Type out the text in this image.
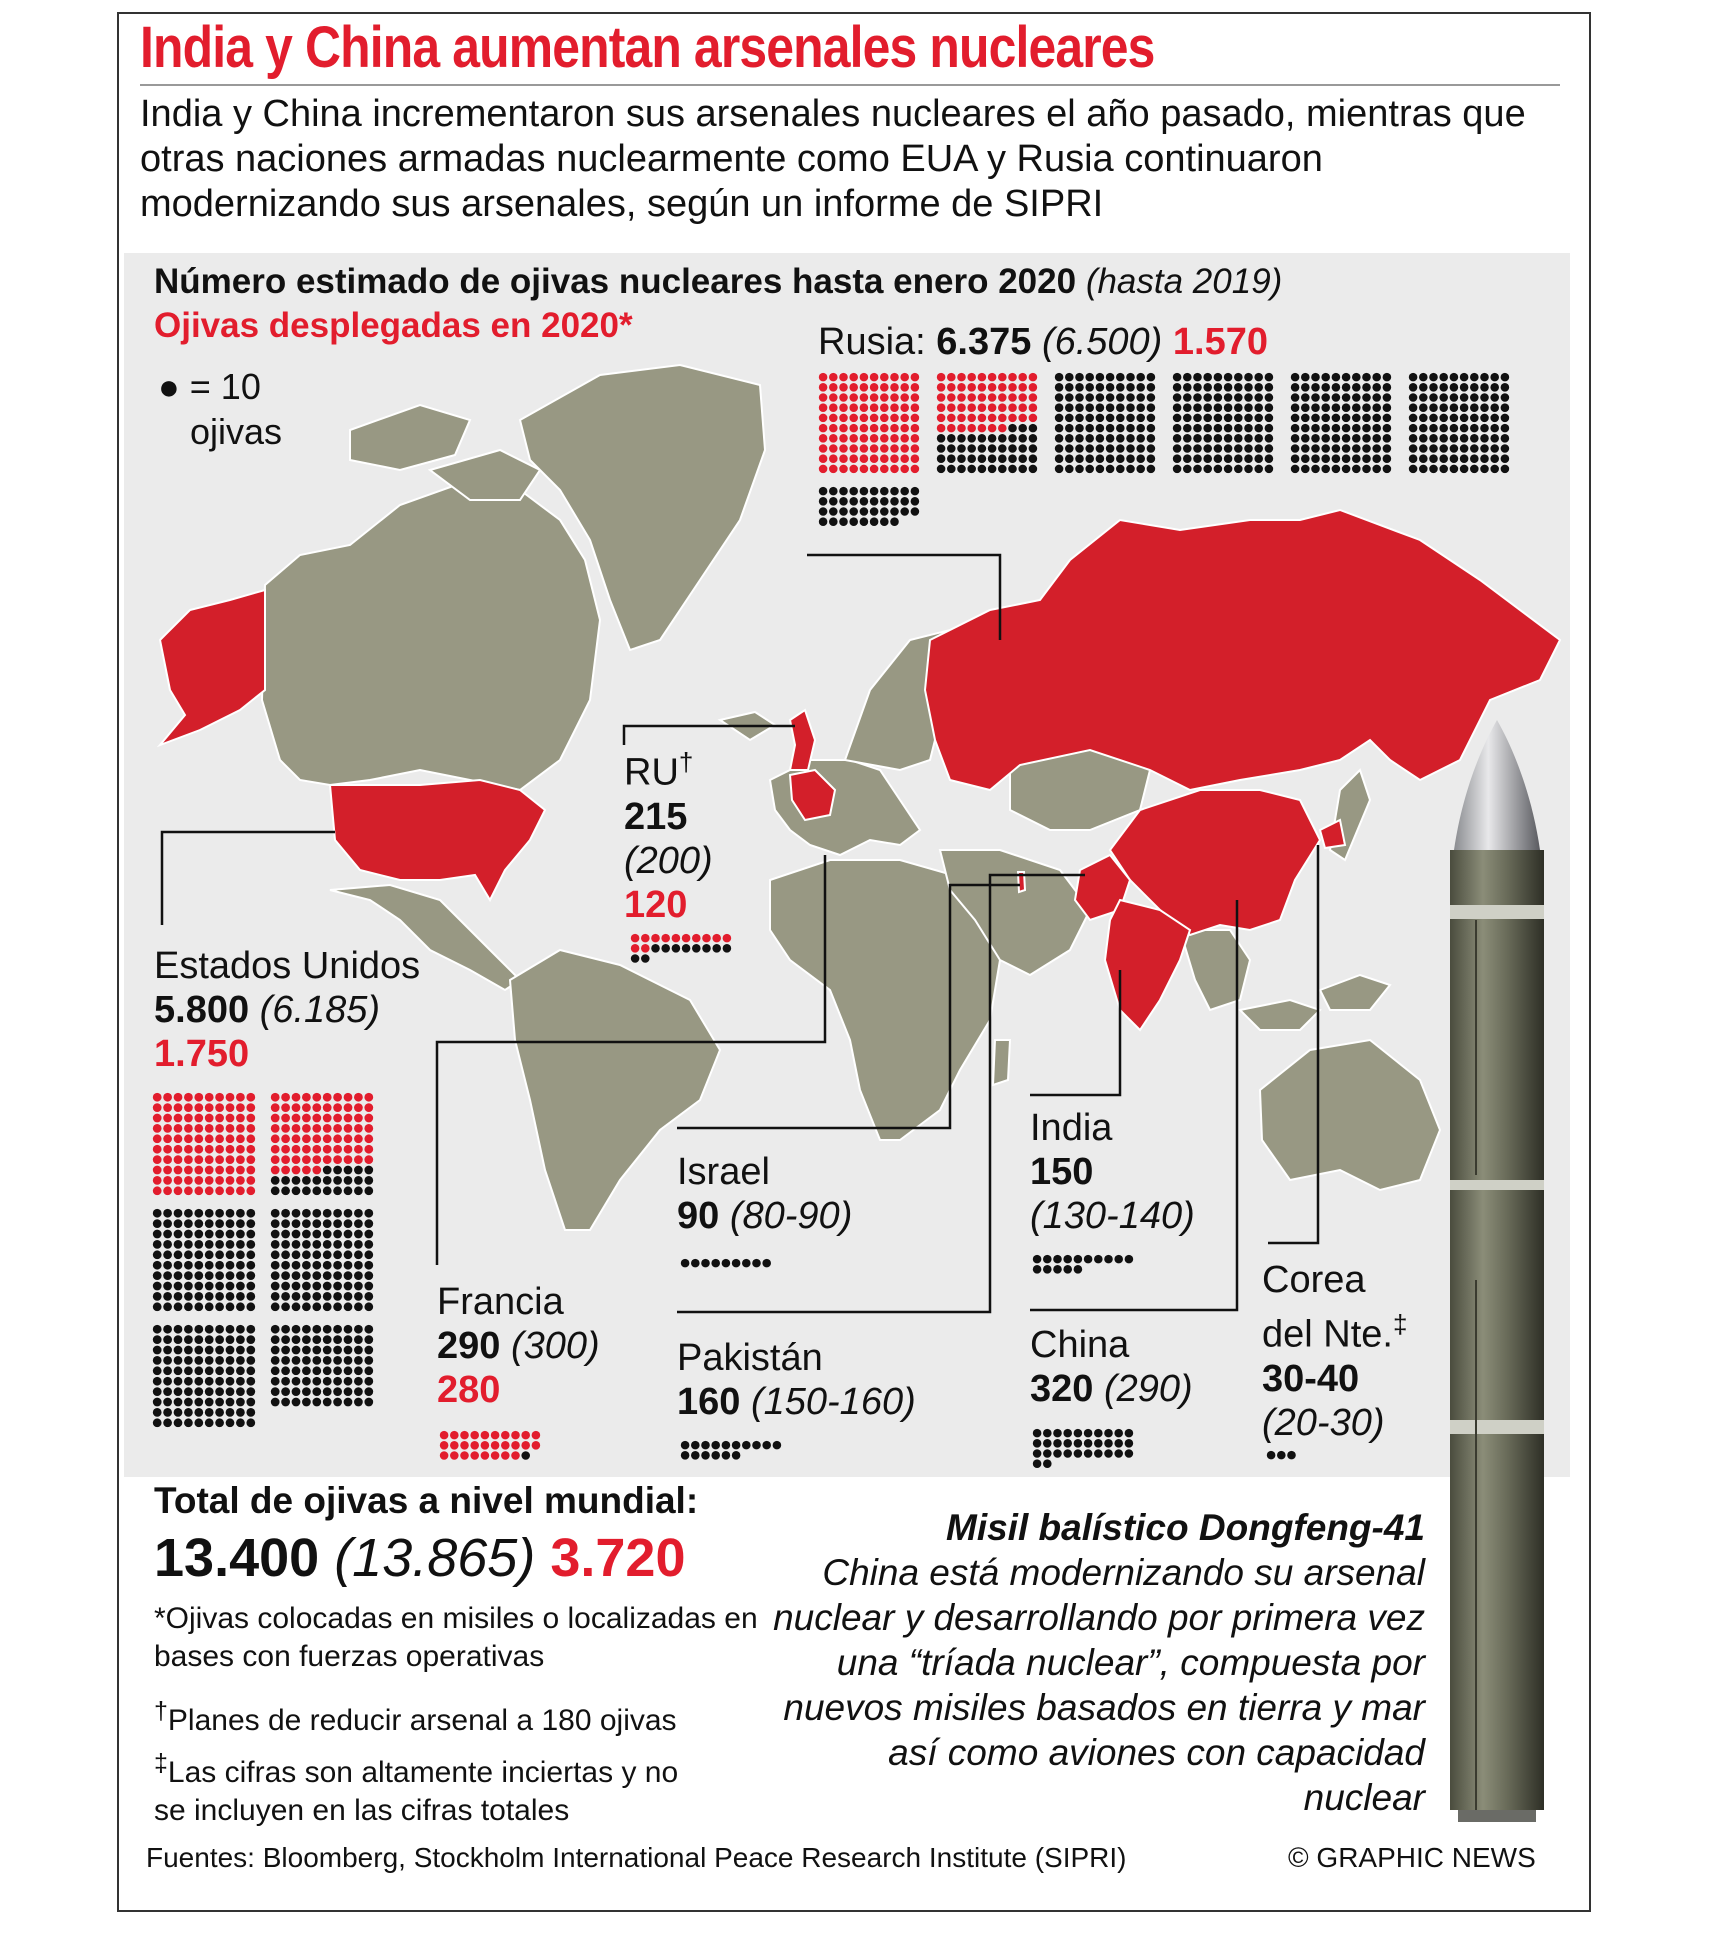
India y China aumentan arsenales nucleares
India y China incrementaron sus arsenales nucleares el año pasado, mientras que otras naciones armadas nuclearmente como EUA y Rusia continuaron modernizando sus arsenales, según un informe de SIPRI
Número estimado de ojivas nucleares hasta enero 2020 (hasta 2019)
Ojivas desplegadas en 2020*
● = 10
ojivas
Rusia: 6.375 (6.500) 1.570
Estados Unidos
5.800 (6.185)
1.750
RU†
215
(200)
120
Francia
290 (300)
280
Israel
90 (80-90)
Pakistán
160 (150-160)
India
150
(130-140)
China
320 (290)
Corea
del Nte.‡
30-40
(20-30)
Total de ojivas a nivel mundial:
13.400 (13.865) 3.720
*Ojivas colocadas en misiles o localizadas en bases con fuerzas operativas
†Planes de reducir arsenal a 180 ojivas
‡Las cifras son altamente inciertas y no se incluyen en las cifras totales
Misil balístico Dongfeng-41
China está modernizando su arsenal nuclear y desarrollando por primera vez una “tríada nuclear”, compuesta por nuevos misiles basados en tierra y mar así como aviones con capacidad nuclear
Fuentes: Bloomberg, Stockholm International Peace Research Institute (SIPRI)	© GRAPHIC NEWS
